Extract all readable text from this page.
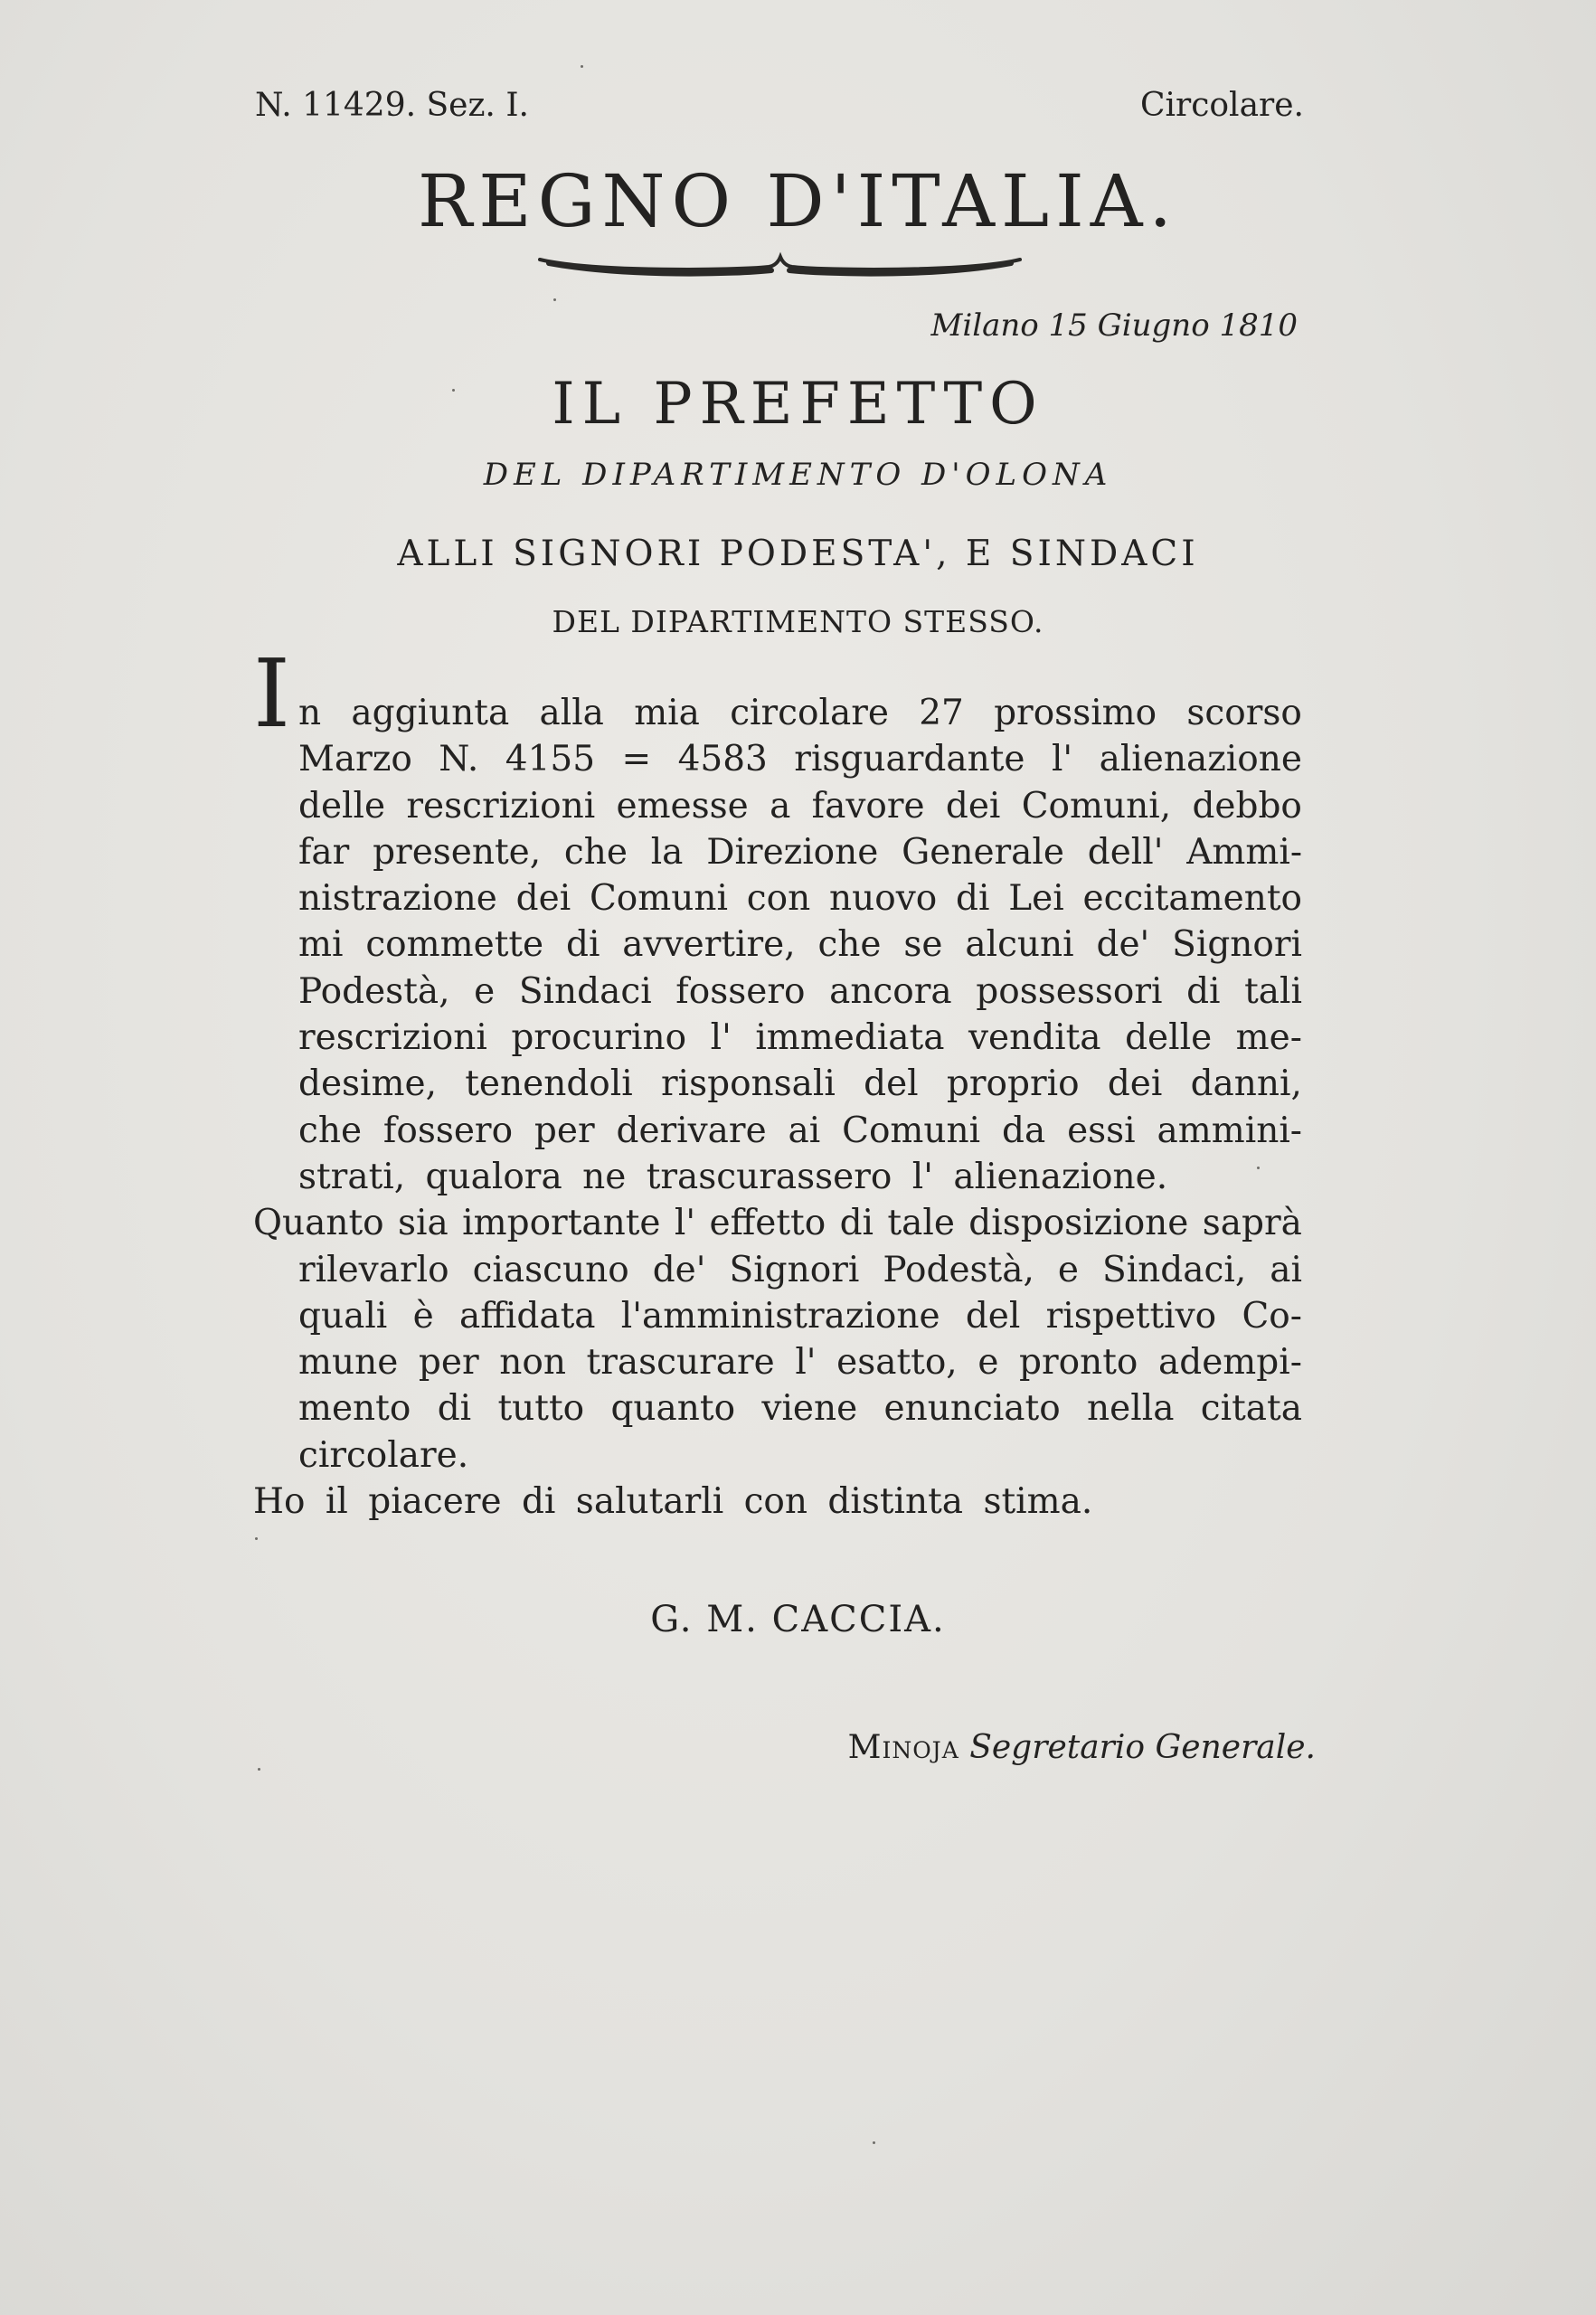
N. 11429. Sez. I.	Circolare.
REGNO D'ITALIA.
Milano 15 Giugno 1810
IL PREFETTO
DEL DIPARTIMENTO D'OLONA
ALLI SIGNORI PODESTA', E SINDACI
DEL DIPARTIMENTO STESSO.
I n aggiunta alla mia circolare 27 prossimo scorso
Marzo N. 4155 = 4583 risguardante l' alienazione
delle rescrizioni emesse a favore dei Comuni, debbo
far presente, che la Direzione Generale dell' Ammi-
nistrazione dei Comuni con nuovo di Lei eccitamento
mi commette di avvertire, che se alcuni de' Signori
Podestà, e Sindaci fossero ancora possessori di tali
rescrizioni procurino l' immediata vendita delle me-
desime, tenendoli risponsali del proprio dei danni,
che fossero per derivare ai Comuni da essi ammini-
strati, qualora ne trascurassero l' alienazione.
Quanto sia importante l' effetto di tale disposizione saprà
rilevarlo ciascuno de' Signori Podestà, e Sindaci, ai
quali è affidata l'amministrazione del rispettivo Co-
mune per non trascurare l' esatto, e pronto adempi-
mento di tutto quanto viene enunciato nella citata
circolare.
Ho il piacere di salutarli con distinta stima.
G. M. CACCIA.
Minoja Segretario Generale.
